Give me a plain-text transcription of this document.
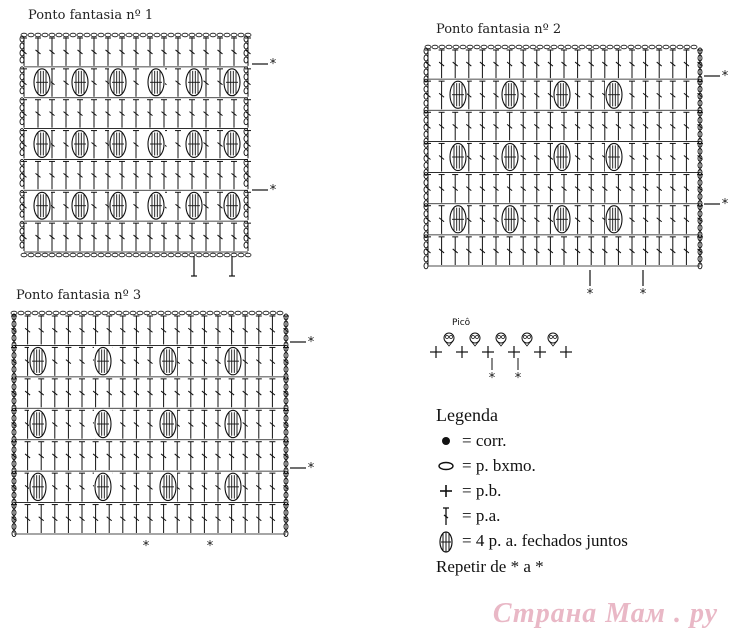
Ponto fantasia nº 1
Ponto fantasia nº 2
Ponto fantasia nº 3
*
*
*
*
*	*
*
*
*	*
* *
Picô
Legenda
= corr.
= p. bxmo.
= p.b.
= p.a.
= 4 p. a. fechados juntos
Repetir de * a *
Страна Мам . ру
